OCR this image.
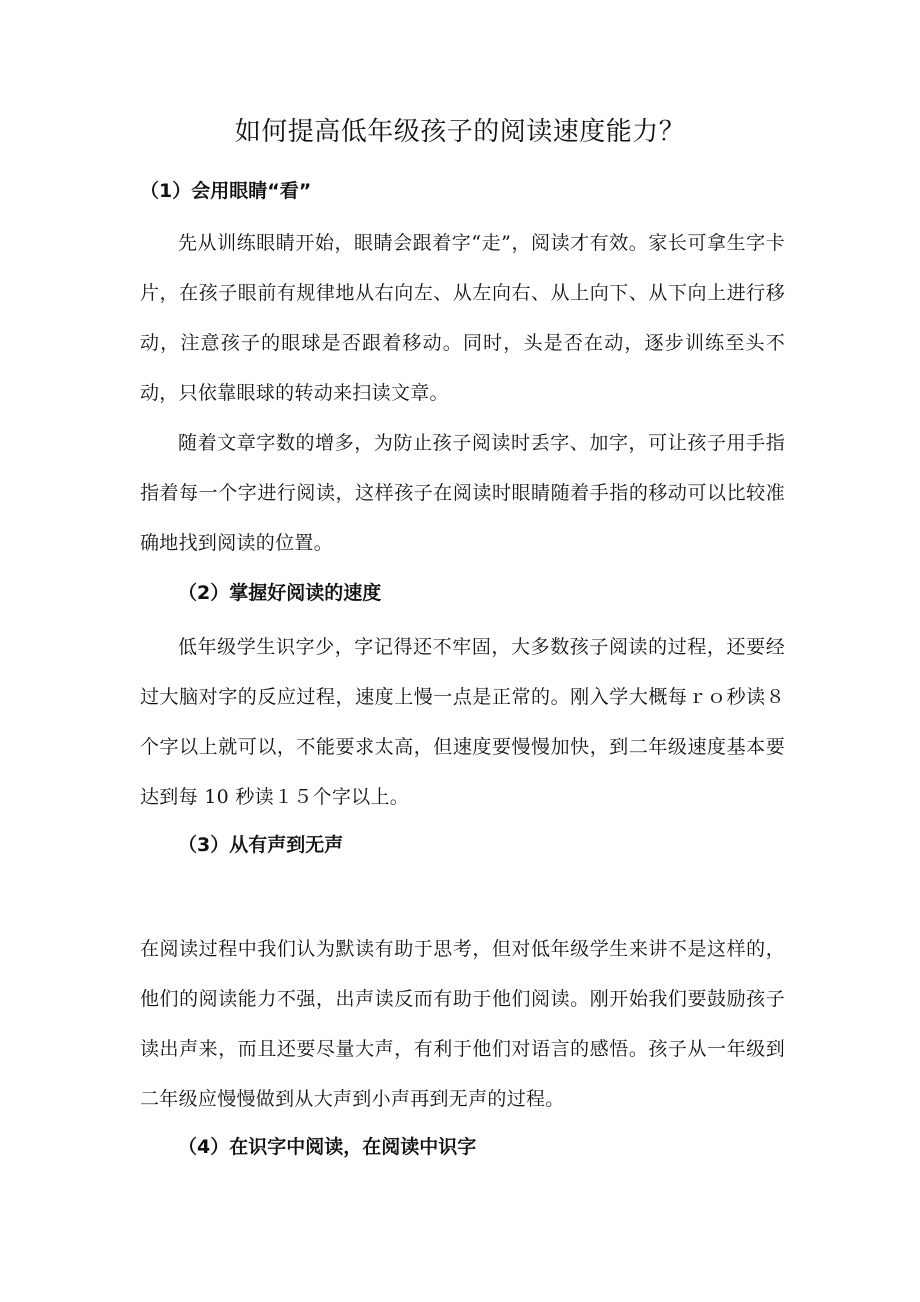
如何提高低年级孩子的阅读速度能力？
（1）会用眼睛“看”

先从训练眼睛开始，眼睛会跟着字“走”，阅读才有效。家长可拿生字卡片，在孩子眼前有规律地从右向左、从左向右、从上向下、从下向上进行移动，注意孩子的眼球是否跟着移动。同时，头是否在动，逐步训练至头不动，只依靠眼球的转动来扫读文章。

随着文章字数的增多，为防止孩子阅读时丢字、加字，可让孩子用手指指着每一个字进行阅读，这样孩子在阅读时眼睛随着手指的移动可以比较准确地找到阅读的位置。

（2）掌握好阅读的速度

低年级学生识字少，字记得还不牢固，大多数孩子阅读的过程，还要经过大脑对字的反应过程，速度上慢一点是正常的。刚入学大概每ｒｏ秒读８个字以上就可以，不能要求太高，但速度要慢慢加快，到二年级速度基本要达到每 10 秒读１５个字以上。

（3）从有声到无声

在阅读过程中我们认为默读有助于思考，但对低年级学生来讲不是这样的，他们的阅读能力不强，出声读反而有助于他们阅读。刚开始我们要鼓励孩子读出声来，而且还要尽量大声，有利于他们对语言的感悟。孩子从一年级到二年级应慢慢做到从大声到小声再到无声的过程。

（4）在识字中阅读，在阅读中识字
